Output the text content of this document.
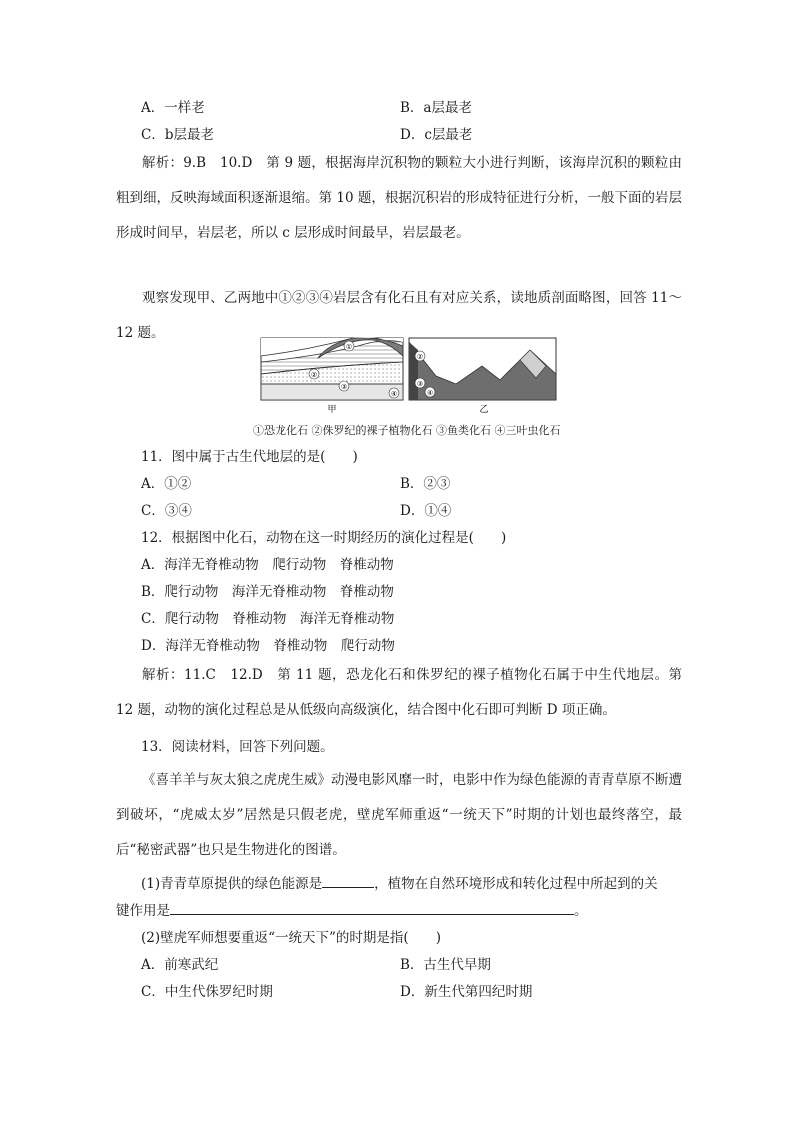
A．一样老	B．a层最老
C．b层最老	D．c层最老
解析：9.B　10.D　第 9 题，根据海岸沉积物的颗粒大小进行判断，该海岸沉积的颗粒由粗到细，反映海域面积逐渐退缩。第 10 题，根据沉积岩的形成特征进行分析，一般下面的岩层形成时间早，岩层老，所以 c 层形成时间最早，岩层最老。
观察发现甲、乙两地中①②③④岩层含有化石且有对应关系，读地质剖面略图，回答 11～12 题。
①
②
③
④
②
③
④
甲	乙
①恐龙化石 ②侏罗纪的裸子植物化石 ③鱼类化石 ④三叶虫化石
11．图中属于古生代地层的是(　　)
A．①②	B．②③
C．③④	D．①④
12．根据图中化石，动物在这一时期经历的演化过程是(　　)
A．海洋无脊椎动物　爬行动物　脊椎动物
B．爬行动物　海洋无脊椎动物　脊椎动物
C．爬行动物　脊椎动物　海洋无脊椎动物
D．海洋无脊椎动物　脊椎动物　爬行动物
解析：11.C　12.D　第 11 题，恐龙化石和侏罗纪的裸子植物化石属于中生代地层。第 12 题，动物的演化过程总是从低级向高级演化，结合图中化石即可判断 D 项正确。
13．阅读材料，回答下列问题。
《喜羊羊与灰太狼之虎虎生威》动漫电影风靡一时，电影中作为绿色能源的青青草原不断遭到破坏，“虎威太岁”居然是只假老虎，壁虎军师重返“一统天下”时期的计划也最终落空，最后“秘密武器”也只是生物进化的图谱。
(1)青青草原提供的绿色能源是	，植物在自然环境形成和转化过程中所起到的关
键作用是	。
(2)壁虎军师想要重返“一统天下”的时期是指(　　)
A．前寒武纪	B．古生代早期
C．中生代侏罗纪时期	D．新生代第四纪时期
